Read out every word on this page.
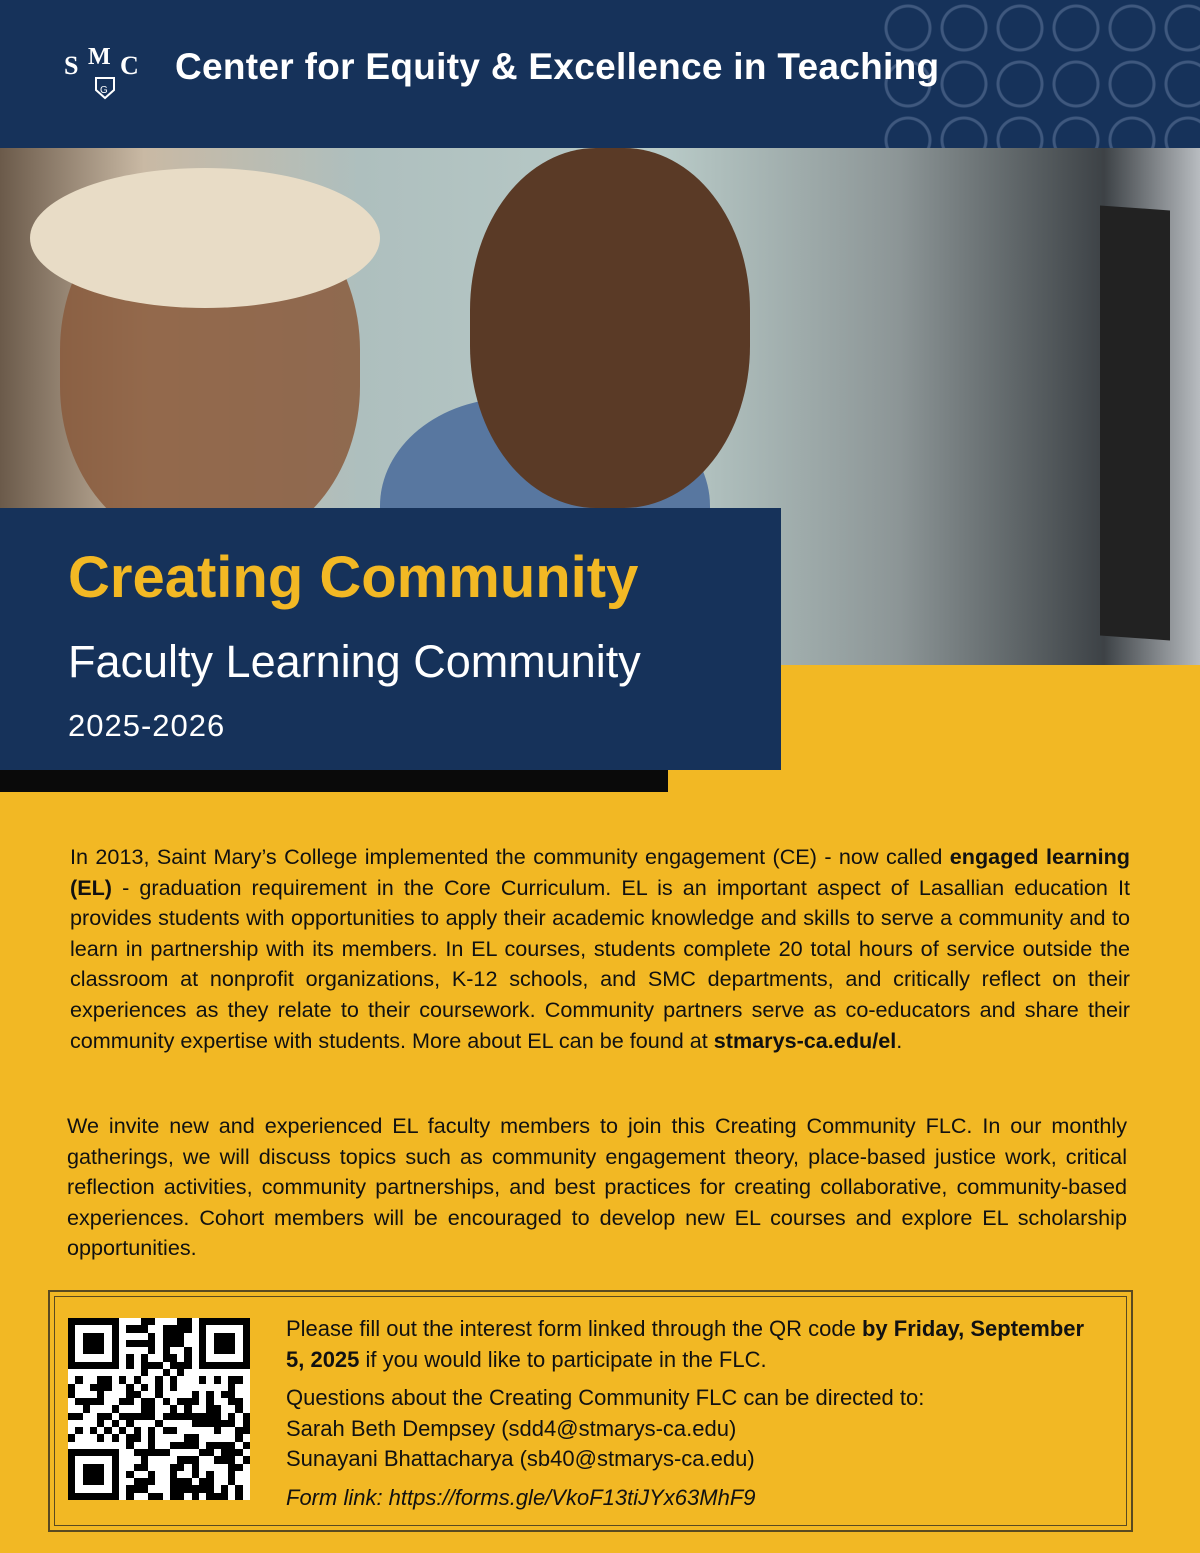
S M C
G
Center for Equity & Excellence in Teaching
Creating Community
Faculty Learning Community
2025-2026

In 2013, Saint Mary’s College implemented the community engagement (CE) - now called engaged learning (EL) - graduation requirement in the Core Curriculum. EL is an important aspect of Lasallian education It provides students with opportunities to apply their academic knowledge and skills to serve a community and to learn in partnership with its members. In EL courses, students complete 20 total hours of service outside the classroom at nonprofit organizations, K-12 schools, and SMC departments, and critically reflect on their experiences as they relate to their coursework. Community partners serve as co-educators and share their community expertise with students. More about EL can be found at stmarys-ca.edu/el.

We invite new and experienced EL faculty members to join this Creating Community FLC. In our monthly gatherings, we will discuss topics such as community engagement theory, place-based justice work, critical reflection activities, community partnerships, and best practices for creating collaborative, community-based experiences. Cohort members will be encouraged to develop new EL courses and explore EL scholarship opportunities.

Please fill out the interest form linked through the QR code by Friday, September 5, 2025 if you would like to participate in the FLC.

Questions about the Creating Community FLC can be directed to:

Sarah Beth Dempsey (sdd4@stmarys-ca.edu)

Sunayani Bhattacharya (sb40@stmarys-ca.edu)

Form link: https://forms.gle/VkoF13tiJYx63MhF9
